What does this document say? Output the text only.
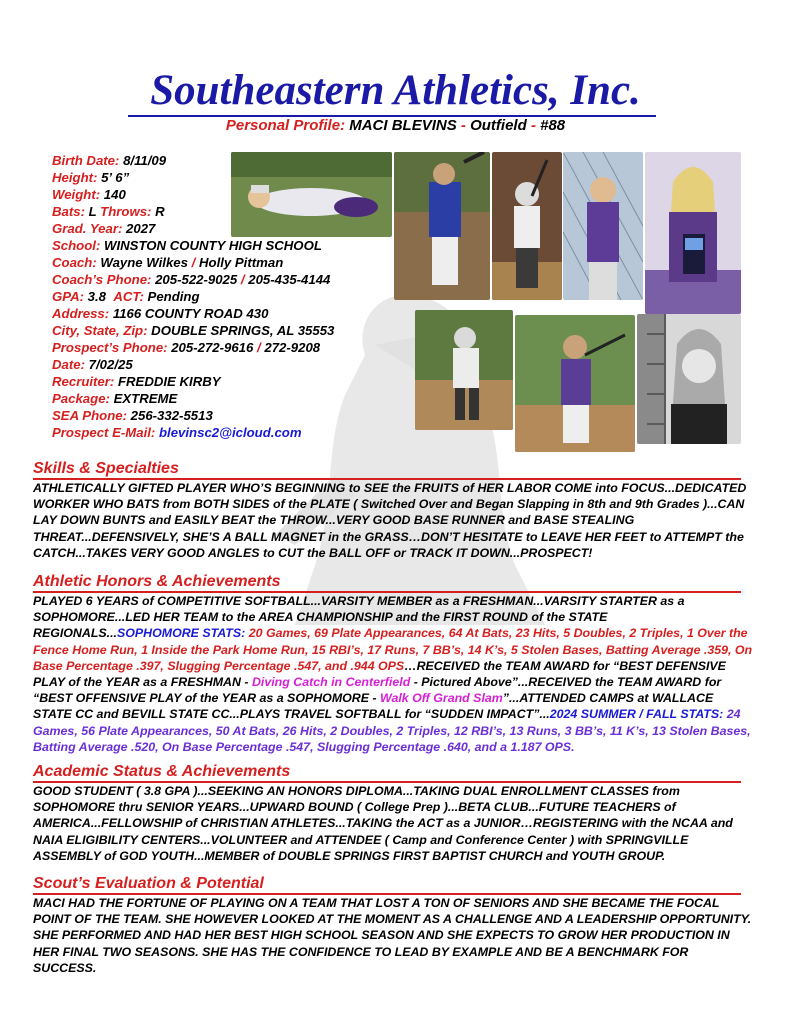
Southeastern Athletics, Inc.
Personal Profile: MACI BLEVINS - Outfield - #88
Birth Date: 8/11/09
Height: 5’ 6”
Weight: 140
Bats: L Throws: R
Grad. Year: 2027
School: WINSTON COUNTY HIGH SCHOOL
Coach: Wayne Wilkes / Holly Pittman
Coach’s Phone: 205-522-9025 / 205-435-4144
GPA: 3.8 ACT: Pending
Address: 1166 COUNTY ROAD 430
City, State, Zip: DOUBLE SPRINGS, AL 35553
Prospect’s Phone: 205-272-9616 / 272-9208
Date: 7/02/25
Recruiter: FREDDIE KIRBY
Package: EXTREME
SEA Phone: 256-332-5513
Prospect E-Mail: blevinsc2@icloud.com
Skills & Specialties
ATHLETICALLY GIFTED PLAYER WHO’S BEGINNING to SEE the FRUITS of HER LABOR COME into FOCUS...DEDICATED WORKER WHO BATS from BOTH SIDES of the PLATE ( Switched Over and Began Slapping in 8th and 9th Grades )...CAN LAY DOWN BUNTS and EASILY BEAT the THROW...VERY GOOD BASE RUNNER and BASE STEALING THREAT...DEFENSIVELY, SHE’S A BALL MAGNET in the GRASS…DON’T HESITATE to LEAVE HER FEET to ATTEMPT the CATCH...TAKES VERY GOOD ANGLES to CUT the BALL OFF or TRACK IT DOWN...PROSPECT!
Athletic Honors & Achievements
PLAYED 6 YEARS of COMPETITIVE SOFTBALL...VARSITY MEMBER as a FRESHMAN...VARSITY STARTER as a SOPHOMORE...LED HER TEAM to the AREA CHAMPIONSHIP and the FIRST ROUND of the STATE REGIONALS...SOPHOMORE STATS: 20 Games, 69 Plate Appearances, 64 At Bats, 23 Hits, 5 Doubles, 2 Triples, 1 Over the Fence Home Run, 1 Inside the Park Home Run, 15 RBI’s, 17 Runs, 7 BB’s, 14 K’s, 5 Stolen Bases, Batting Average .359, On Base Percentage .397, Slugging Percentage .547, and .944 OPS…RECEIVED the TEAM AWARD for “BEST DEFENSIVE PLAY of the YEAR as a FRESHMAN - Diving Catch in Centerfield - Pictured Above”...RECEIVED the TEAM AWARD for “BEST OFFENSIVE PLAY of the YEAR as a SOPHOMORE - Walk Off Grand Slam”...ATTENDED CAMPS at WALLACE STATE CC and BEVILL STATE CC...PLAYS TRAVEL SOFTBALL for “SUDDEN IMPACT”...2024 SUMMER / FALL STATS: 24 Games, 56 Plate Appearances, 50 At Bats, 26 Hits, 2 Doubles, 2 Triples, 12 RBI’s, 13 Runs, 3 BB’s, 11 K’s, 13 Stolen Bases, Batting Average .520, On Base Percentage .547, Slugging Percentage .640, and a 1.187 OPS.
Academic Status & Achievements
GOOD STUDENT ( 3.8 GPA )...SEEKING AN HONORS DIPLOMA...TAKING DUAL ENROLLMENT CLASSES from SOPHOMORE thru SENIOR YEARS...UPWARD BOUND ( College Prep )...BETA CLUB...FUTURE TEACHERS of AMERICA...FELLOWSHIP of CHRISTIAN ATHLETES...TAKING the ACT as a JUNIOR…REGISTERING with the NCAA and NAIA ELIGIBILITY CENTERS...VOLUNTEER and ATTENDEE ( Camp and Conference Center ) with SPRINGVILLE ASSEMBLY of GOD YOUTH...MEMBER of DOUBLE SPRINGS FIRST BAPTIST CHURCH and YOUTH GROUP.
Scout’s Evaluation & Potential
MACI HAD THE FORTUNE OF PLAYING ON A TEAM THAT LOST A TON OF SENIORS AND SHE BECAME THE FOCAL POINT OF THE TEAM. SHE HOWEVER LOOKED AT THE MOMENT AS A CHALLENGE AND A LEADERSHIP OPPORTUNITY. SHE PERFORMED AND HAD HER BEST HIGH SCHOOL SEASON AND SHE EXPECTS TO GROW HER PRODUCTION IN HER FINAL TWO SEASONS. SHE HAS THE CONFIDENCE TO LEAD BY EXAMPLE AND BE A BENCHMARK FOR SUCCESS.
